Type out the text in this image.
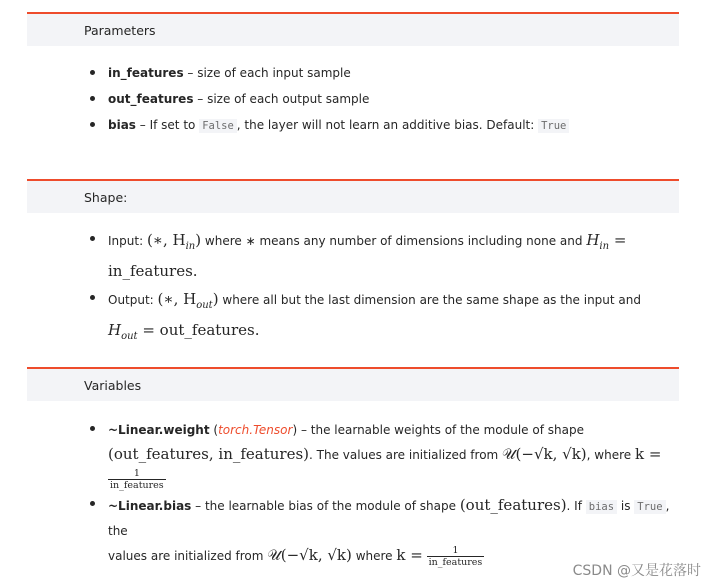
Parameters
in_features – size of each input sample
out_features – size of each output sample
bias – If set to False , the layer will not learn an additive bias. Default: True
Shape:
Input: (∗, $H_{in}$) where ∗ means any number of dimensions including none and $H_{in}$ =
in_features.
Output: (∗, $H_{out}$) where all but the last dimension are the same shape as the input and
$H_{out}$ = out_features.
Variables
~Linear.weight (torch.Tensor) – the learnable weights of the module of shape
(out_features, in_features). The values are initialized from 𝒰(−√k, √k), where k =

$\frac{1}{\text{in\_features}}$
~Linear.bias – the learnable bias of the module of shape (out_features). If bias is True , the
values are initialized from 𝒰(−√k, √k) where $k = \frac{1}{\text{in\_features}}$
CSDN @又是花落时
